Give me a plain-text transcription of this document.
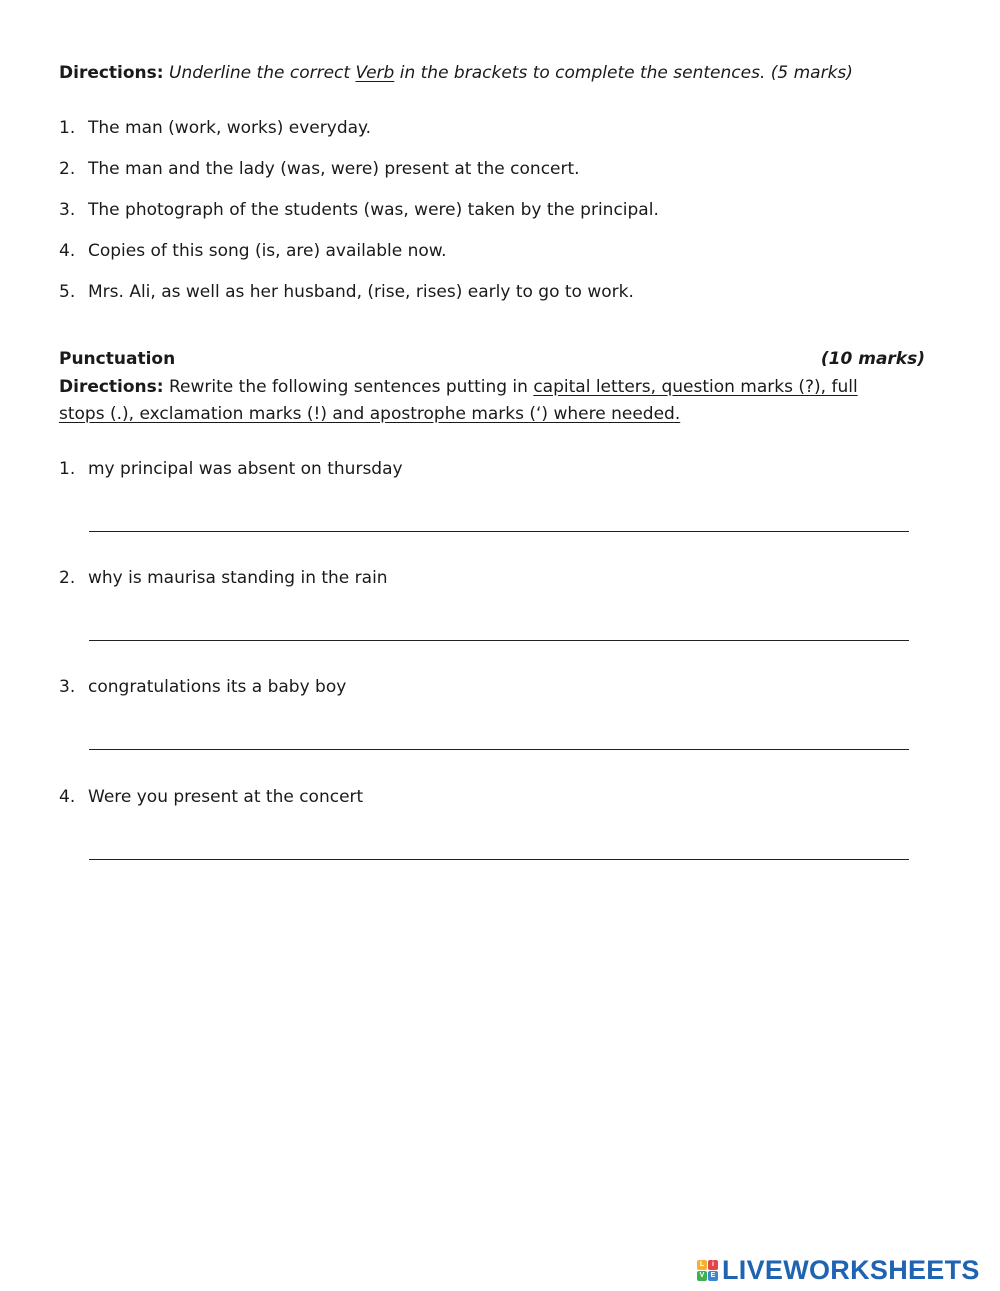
Directions: Underline the correct Verb in the brackets to complete the sentences. (5 marks)
1. The man (work, works) everyday.
2. The man and the lady (was, were) present at the concert.
3. The photograph of the students (was, were) taken by the principal.
4. Copies of this song (is, are) available now.
5. Mrs. Ali, as well as her husband, (rise, rises) early to go to work.
Punctuation	(10 marks)
Directions: Rewrite the following sentences putting in capital letters, question marks (?), full
stops (.), exclamation marks (!) and apostrophe marks (‘) where needed.
1. my principal was absent on thursday
2. why is maurisa standing in the rain
3. congratulations its a baby boy
4. Were you present at the concert
L	i
V E LIVEWORKSHEETS
